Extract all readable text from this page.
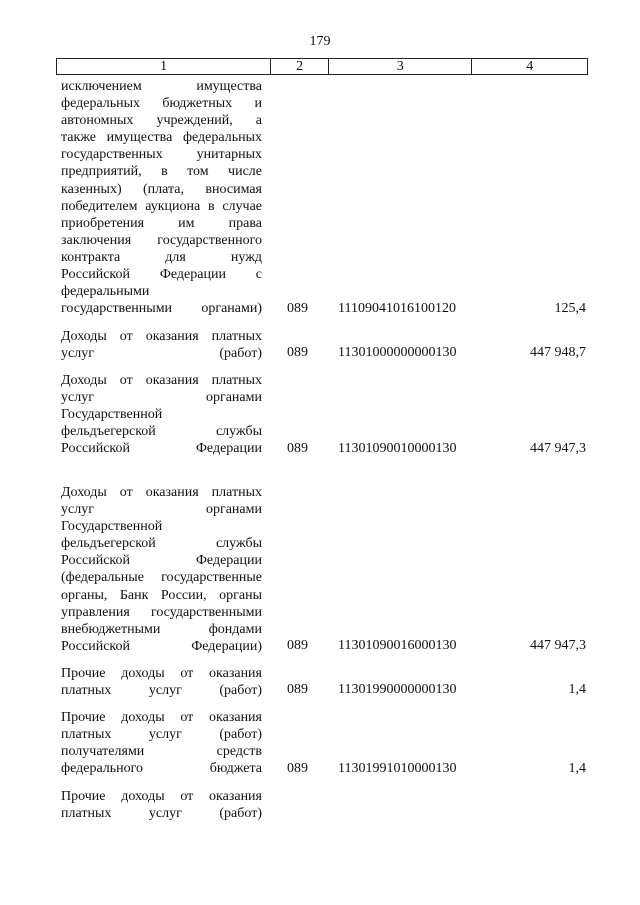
179
1	2	3	4
исключением имущества
федеральных бюджетных и
автономных учреждений, а
также имущества федеральных
государственных унитарных
предприятий, в том числе
казенных) (плата, вносимая
победителем аукциона в случае
приобретения им права
заключения государственного
контракта для нужд
Российской Федерации с
федеральными
государственными органами) 089 11109041016100120	125,4
Доходы от оказания платных
услуг (работ) 089 11301000000000130	447 948,7
Доходы от оказания платных
услуг органами
Государственной
фельдъегерской службы
Российской Федерации 089 11301090010000130	447 947,3
Доходы от оказания платных
услуг органами
Государственной
фельдъегерской службы
Российской Федерации
(федеральные государственные
органы, Банк России, органы
управления государственными
внебюджетными фондами
Российской Федерации) 089 11301090016000130	447 947,3
Прочие доходы от оказания
платных услуг (работ) 089 11301990000000130	1,4
Прочие доходы от оказания
платных услуг (работ)
получателями средств
федерального бюджета 089 11301991010000130	1,4
Прочие доходы от оказания
платных услуг (работ)
